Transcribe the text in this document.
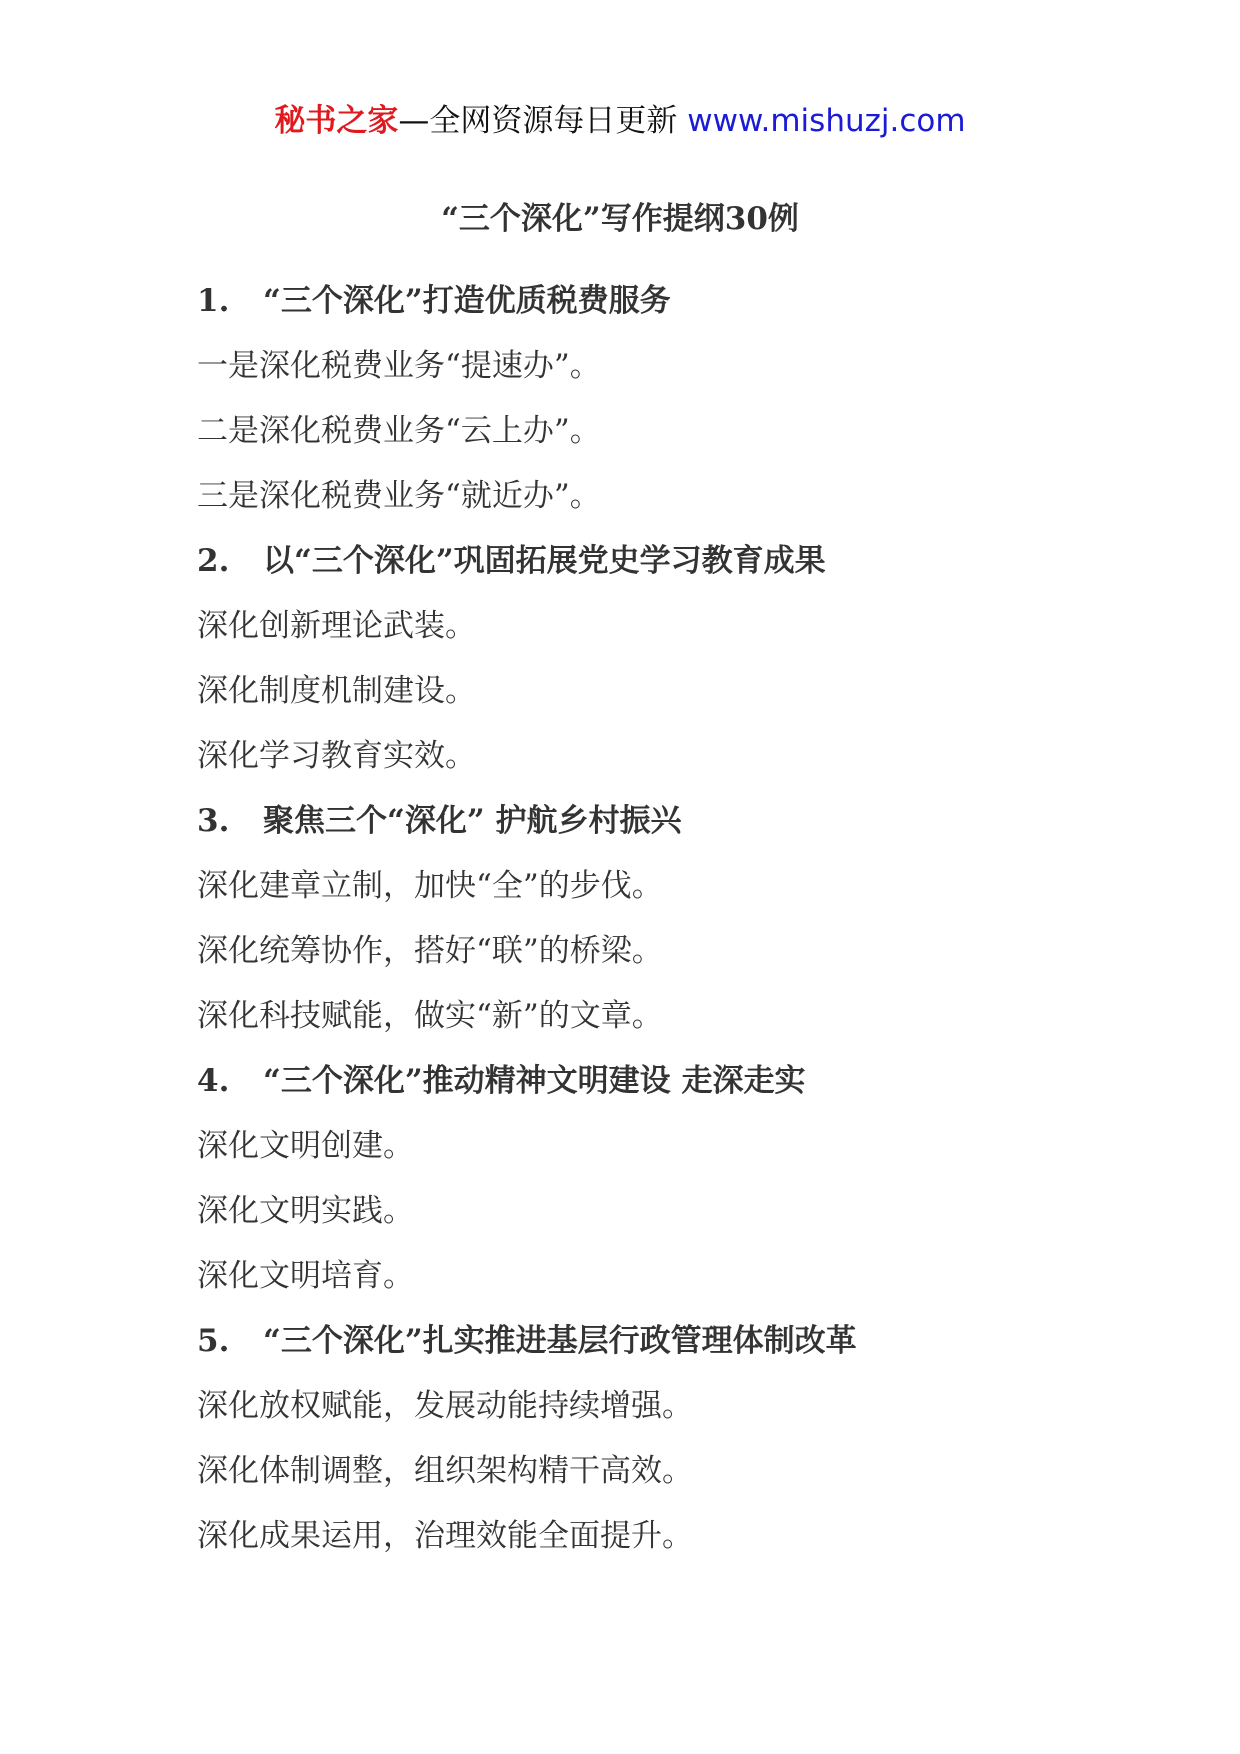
秘书之家—全网资源每日更新 www.mishuzj.com
“三个深化”写作提纲30例
1. “三个深化”打造优质税费服务
一是深化税费业务“提速办”。
二是深化税费业务“云上办”。
三是深化税费业务“就近办”。
2. 以“三个深化”巩固拓展党史学习教育成果
深化创新理论武装。
深化制度机制建设。
深化学习教育实效。
3. 聚焦三个“深化” 护航乡村振兴
深化建章立制，加快“全”的步伐。
深化统筹协作，搭好“联”的桥梁。
深化科技赋能，做实“新”的文章。
4. “三个深化”推动精神文明建设 走深走实
深化文明创建。
深化文明实践。
深化文明培育。
5. “三个深化”扎实推进基层行政管理体制改革
深化放权赋能，发展动能持续增强。
深化体制调整，组织架构精干高效。
深化成果运用，治理效能全面提升。
